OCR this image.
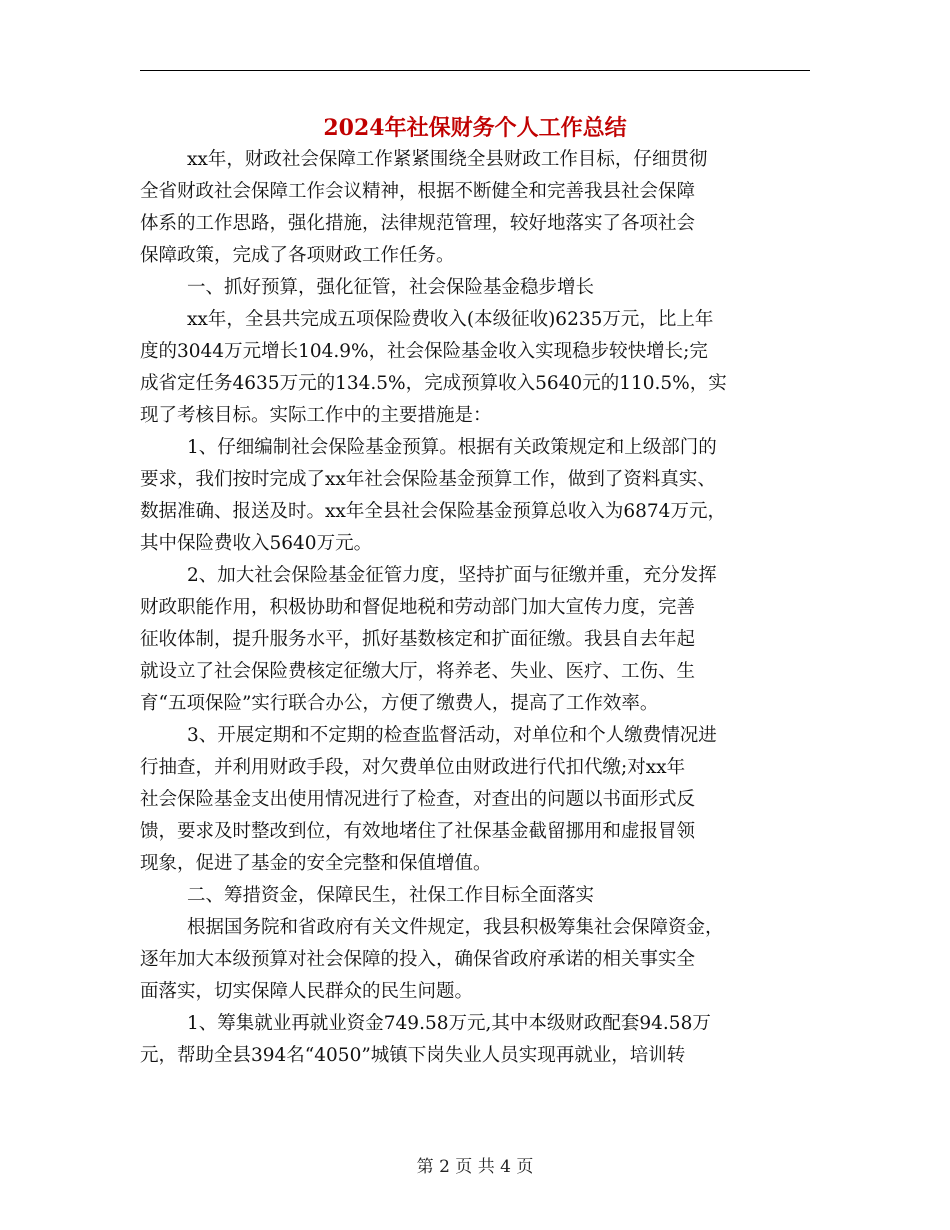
2024年社保财务个人工作总结
xx年，财政社会保障工作紧紧围绕全县财政工作目标，仔细贯彻
全省财政社会保障工作会议精神，根据不断健全和完善我县社会保障
体系的工作思路，强化措施，法律规范管理，较好地落实了各项社会
保障政策，完成了各项财政工作任务。
一、抓好预算，强化征管，社会保险基金稳步增长
xx年，全县共完成五项保险费收入(本级征收)6235万元，比上年
度的3044万元增长104.9%，社会保险基金收入实现稳步较快增长;完
成省定任务4635万元的134.5%，完成预算收入5640元的110.5%，实
现了考核目标。实际工作中的主要措施是：
1、仔细编制社会保险基金预算。根据有关政策规定和上级部门的
要求，我们按时完成了xx年社会保险基金预算工作，做到了资料真实、
数据准确、报送及时。xx年全县社会保险基金预算总收入为6874万元，
其中保险费收入5640万元。
2、加大社会保险基金征管力度，坚持扩面与征缴并重，充分发挥
财政职能作用，积极协助和督促地税和劳动部门加大宣传力度，完善
征收体制，提升服务水平，抓好基数核定和扩面征缴。我县自去年起
就设立了社会保险费核定征缴大厅，将养老、失业、医疗、工伤、生
育“五项保险”实行联合办公，方便了缴费人，提高了工作效率。
3、开展定期和不定期的检查监督活动，对单位和个人缴费情况进
行抽查，并利用财政手段，对欠费单位由财政进行代扣代缴;对xx年
社会保险基金支出使用情况进行了检查，对查出的问题以书面形式反
馈，要求及时整改到位，有效地堵住了社保基金截留挪用和虚报冒领
现象，促进了基金的安全完整和保值增值。
二、筹措资金，保障民生，社保工作目标全面落实
根据国务院和省政府有关文件规定，我县积极筹集社会保障资金，
逐年加大本级预算对社会保障的投入，确保省政府承诺的相关事实全
面落实，切实保障人民群众的民生问题。
1、筹集就业再就业资金749.58万元,其中本级财政配套94.58万
元，帮助全县394名“4050”城镇下岗失业人员实现再就业，培训转
第 2 页 共 4 页
